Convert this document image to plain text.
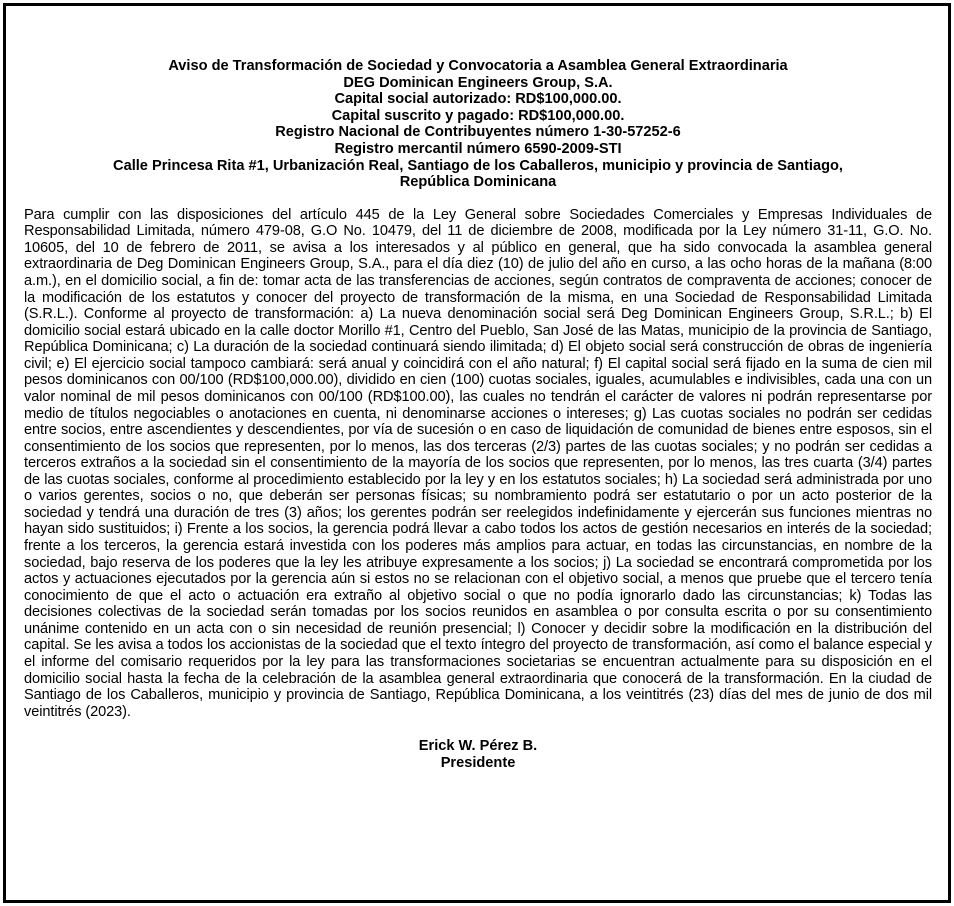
Aviso de Transformación de Sociedad y Convocatoria a Asamblea General Extraordinaria
DEG Dominican Engineers Group, S.A.
Capital social autorizado: RD$100,000.00.
Capital suscrito y pagado: RD$100,000.00.
Registro Nacional de Contribuyentes número 1-30-57252-6
Registro mercantil número 6590-2009-STI
Calle Princesa Rita #1, Urbanización Real, Santiago de los Caballeros, municipio y provincia de Santiago,
República Dominicana
Para cumplir con las disposiciones del artículo 445 de la Ley General sobre Sociedades Comerciales y Empresas Individuales de Responsabilidad Limitada, número 479-08, G.O No. 10479, del 11 de diciembre de 2008, modificada por la Ley número 31-11, G.O. No. 10605, del 10 de febrero de 2011, se avisa a los interesados y al público en general, que ha sido convocada la asamblea general extraordinaria de Deg Dominican Engineers Group, S.A., para el día diez (10) de julio del año en curso, a las ocho horas de la mañana (8:00 a.m.), en el domicilio social, a fin de: tomar acta de las transferencias de acciones, según contratos de compraventa de acciones; conocer de la modificación de los estatutos y conocer del proyecto de transformación de la misma, en una Sociedad de Responsabilidad Limitada (S.R.L.). Conforme al proyecto de transformación: a) La nueva denominación social será Deg Dominican Engineers Group, S.R.L.; b) El domicilio social estará ubicado en la calle doctor Morillo #1, Centro del Pueblo, San José de las Matas, municipio de la provincia de Santiago, República Dominicana; c) La duración de la sociedad continuará siendo ilimitada; d) El objeto social será construcción de obras de ingeniería civil; e) El ejercicio social tampoco cambiará: será anual y coincidirá con el año natural; f) El capital social será fijado en la suma de cien mil pesos dominicanos con 00/100 (RD$100,000.00), dividido en cien (100) cuotas sociales, iguales, acumulables e indivisibles, cada una con un valor nominal de mil pesos dominicanos con 00/100 (RD$100.00), las cuales no tendrán el carácter de valores ni podrán representarse por medio de títulos negociables o anotaciones en cuenta, ni denominarse acciones o intereses; g) Las cuotas sociales no podrán ser cedidas entre socios, entre ascendientes y descendientes, por vía de sucesión o en caso de liquidación de comunidad de bienes entre esposos, sin el consentimiento de los socios que representen, por lo menos, las dos terceras (2/3) partes de las cuotas sociales; y no podrán ser cedidas a terceros extraños a la sociedad sin el consentimiento de la mayoría de los socios que representen, por lo menos, las tres cuarta (3/4) partes de las cuotas sociales, conforme al procedimiento establecido por la ley y en los estatutos sociales; h) La sociedad será administrada por uno o varios gerentes, socios o no, que deberán ser personas físicas; su nombramiento podrá ser estatutario o por un acto posterior de la sociedad y tendrá una duración de tres (3) años; los gerentes podrán ser reelegidos indefinidamente y ejercerán sus funciones mientras no hayan sido sustituidos; i) Frente a los socios, la gerencia podrá llevar a cabo todos los actos de gestión necesarios en interés de la sociedad; frente a los terceros, la gerencia estará investida con los poderes más amplios para actuar, en todas las circunstancias, en nombre de la sociedad, bajo reserva de los poderes que la ley les atribuye expresamente a los socios; j) La sociedad se encontrará comprometida por los actos y actuaciones ejecutados por la gerencia aún si estos no se relacionan con el objetivo social, a menos que pruebe que el tercero tenía conocimiento de que el acto o actuación era extraño al objetivo social o que no podía ignorarlo dado las circunstancias; k) Todas las decisiones colectivas de la sociedad serán tomadas por los socios reunidos en asamblea o por consulta escrita o por su consentimiento unánime contenido en un acta con o sin necesidad de reunión presencial; l) Conocer y decidir sobre la modificación en la distribución del capital. Se les avisa a todos los accionistas de la sociedad que el texto íntegro del proyecto de transformación, así como el balance especial y el informe del comisario requeridos por la ley para las transformaciones societarias se encuentran actualmente para su disposición en el domicilio social hasta la fecha de la celebración de la asamblea general extraordinaria que conocerá de la transformación. En la ciudad de Santiago de los Caballeros, municipio y provincia de Santiago, República Dominicana, a los veintitrés (23) días del mes de junio de dos mil veintitrés (2023).
Erick W. Pérez B.
Presidente
